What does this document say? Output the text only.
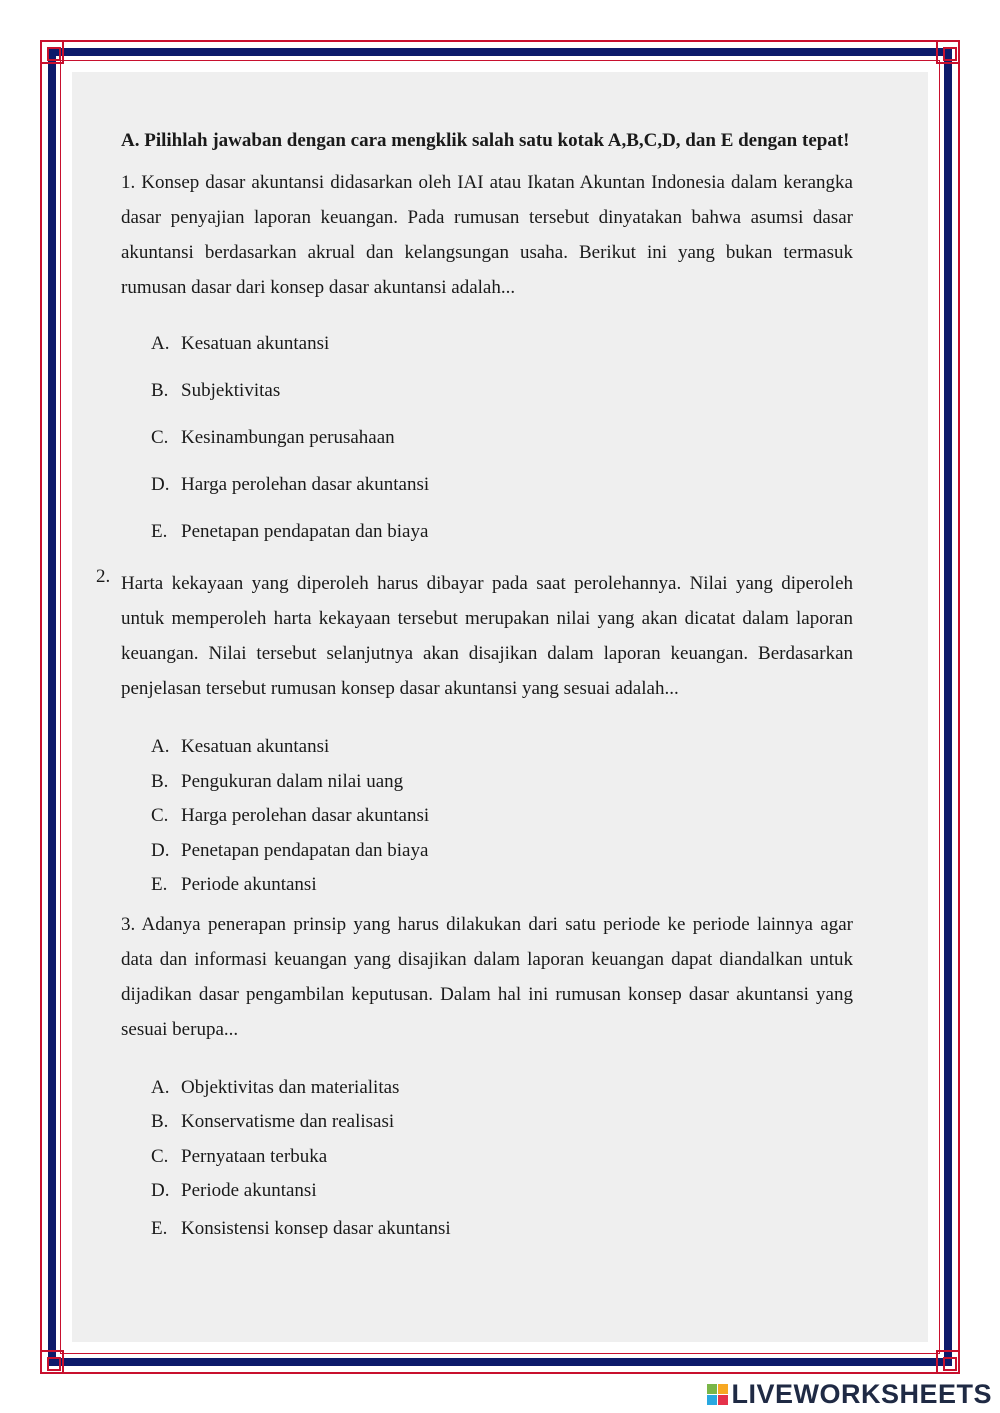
A. Pilihlah jawaban dengan cara mengklik salah satu kotak A,B,C,D, dan E dengan tepat!

1. Konsep dasar akuntansi didasarkan oleh IAI atau Ikatan Akuntan Indonesia dalam kerangka dasar penyajian laporan keuangan. Pada rumusan tersebut dinyatakan bahwa asumsi dasar akuntansi berdasarkan akrual dan kelangsungan usaha. Berikut ini yang bukan termasuk rumusan dasar dari konsep dasar akuntansi adalah...

A. Kesatuan akuntansi
B. Subjektivitas
C. Kesinambungan perusahaan
D. Harga perolehan dasar akuntansi
E. Penetapan pendapatan dan biaya
2. Harta kekayaan yang diperoleh harus dibayar pada saat perolehannya. Nilai yang diperoleh untuk memperoleh harta kekayaan tersebut merupakan nilai yang akan dicatat dalam laporan keuangan. Nilai tersebut selanjutnya akan disajikan dalam laporan keuangan. Berdasarkan penjelasan tersebut rumusan konsep dasar akuntansi yang sesuai adalah...

A. Kesatuan akuntansi
B. Pengukuran dalam nilai uang
C. Harga perolehan dasar akuntansi
D. Penetapan pendapatan dan biaya
E. Periode akuntansi

3. Adanya penerapan prinsip yang harus dilakukan dari satu periode ke periode lainnya agar data dan informasi keuangan yang disajikan dalam laporan keuangan dapat diandalkan untuk dijadikan dasar pengambilan keputusan. Dalam hal ini rumusan konsep dasar akuntansi yang sesuai berupa...

A. Objektivitas dan materialitas
B. Konservatisme dan realisasi
C. Pernyataan terbuka
D. Periode akuntansi
E. Konsistensi konsep dasar akuntansi
LIVEWORKSHEETS
